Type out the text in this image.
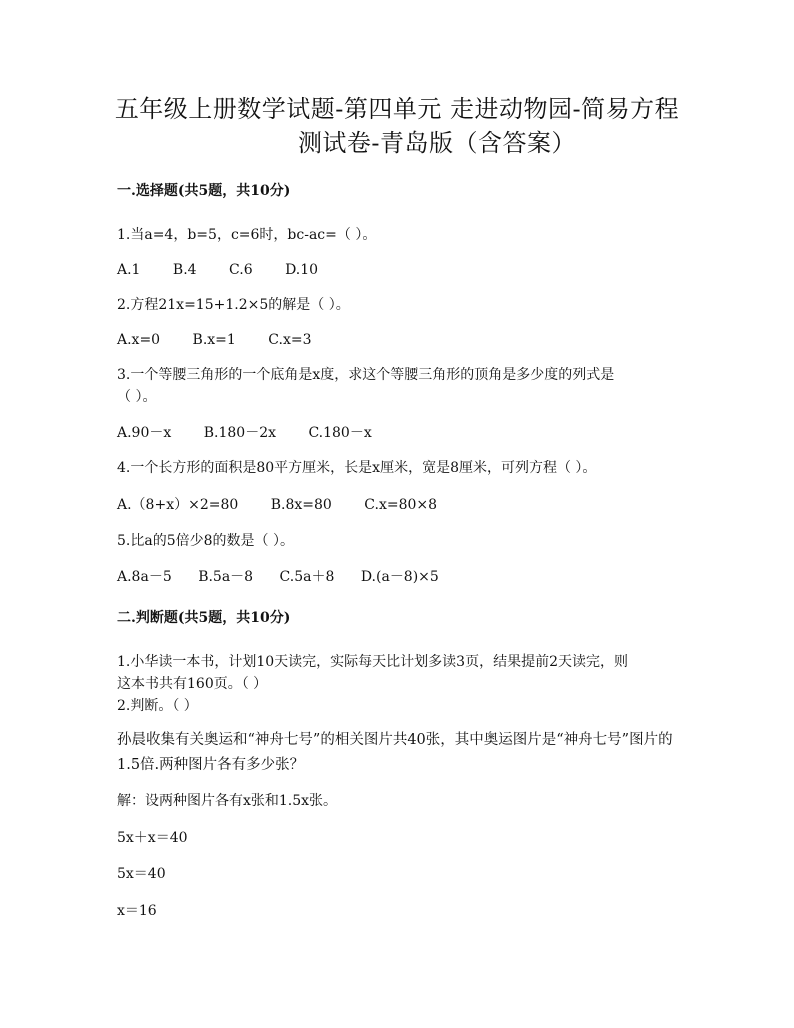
五年级上册数学试题-第四单元 走进动物园-简易方程
测试卷-青岛版（含答案）
一.选择题(共5题，共10分)
1.当a=4，b=5，c=6时，bc-ac=（ ）。
A.1 B.4 C.6 D.10
2.方程21x=15+1.2×5的解是（ ）。
A.x=0 B.x=1 C.x=3
3.一个等腰三角形的一个底角是x度，求这个等腰三角形的顶角是多少度的列式是
（ ）。
A.90－x B.180－2x C.180－x
4.一个长方形的面积是80平方厘米，长是x厘米，宽是8厘米，可列方程（ ）。
A.（8+x）×2=80 B.8x=80 C.x=80×8
5.比a的5倍少8的数是（ ）。
A.8a－5 B.5a－8 C.5a＋8 D.(a－8)×5
二.判断题(共5题，共10分)
1.小华读一本书，计划10天读完，实际每天比计划多读3页，结果提前2天读完，则
这本书共有160页。（ ）
2.判断。（ ）
孙晨收集有关奥运和“神舟七号”的相关图片共40张，其中奥运图片是“神舟七号”图片的1.5倍.两种图片各有多少张？
解：设两种图片各有x张和1.5x张。
5x＋x＝40
5x＝40
x＝16
